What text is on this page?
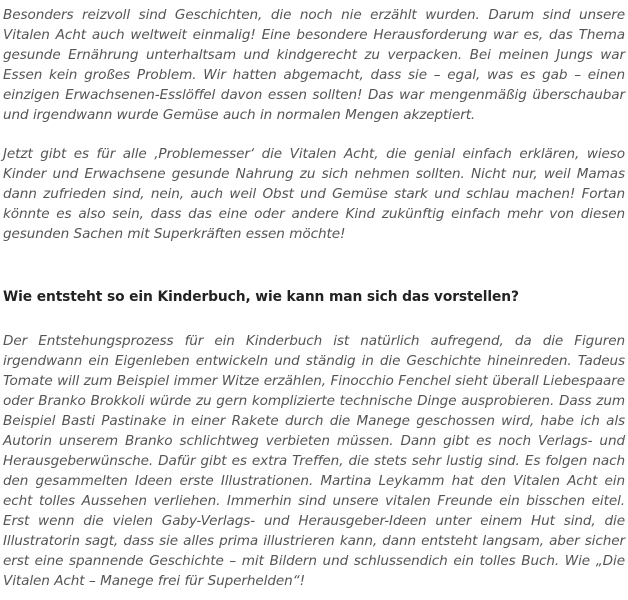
Besonders reizvoll sind Geschichten, die noch nie erzählt wurden. Darum sind unsere Vitalen Acht auch weltweit einmalig! Eine besondere Herausforderung war es, das Thema gesunde Ernährung unterhaltsam und kindgerecht zu verpacken. Bei meinen Jungs war Essen kein großes Problem. Wir hatten abgemacht, dass sie – egal, was es gab – einen einzigen Erwachsenen-Esslöffel davon essen sollten! Das war mengenmäßig überschaubar und irgendwann wurde Gemüse auch in normalen Mengen akzeptiert.

Jetzt gibt es für alle ‚Problemesser‘ die Vitalen Acht, die genial einfach erklären, wieso Kinder und Erwachsene gesunde Nahrung zu sich nehmen sollten. Nicht nur, weil Mamas dann zufrieden sind, nein, auch weil Obst und Gemüse stark und schlau machen! Fortan könnte es also sein, dass das eine oder andere Kind zukünftig einfach mehr von diesen gesunden Sachen mit Superkräften essen möchte!

Wie entsteht so ein Kinderbuch, wie kann man sich das vorstellen?

Der Entstehungsprozess für ein Kinderbuch ist natürlich aufregend, da die Figuren irgendwann ein Eigenleben entwickeln und ständig in die Geschichte hineinreden. Tadeus Tomate will zum Beispiel immer Witze erzählen, Finocchio Fenchel sieht überall Liebespaare oder Branko Brokkoli würde zu gern komplizierte technische Dinge ausprobieren. Dass zum Beispiel Basti Pastinake in einer Rakete durch die Manege geschossen wird, habe ich als Autorin unserem Branko schlichtweg verbieten müssen. Dann gibt es noch Verlags- und Herausgeberwünsche. Dafür gibt es extra Treffen, die stets sehr lustig sind. Es folgen nach den gesammelten Ideen erste Illustrationen. Martina Leykamm hat den Vitalen Acht ein echt tolles Aussehen verliehen. Immerhin sind unsere vitalen Freunde ein bisschen eitel. Erst wenn die vielen Gaby-Verlags- und Herausgeber-Ideen unter einem Hut sind, die Illustratorin sagt, dass sie alles prima illustrieren kann, dann entsteht langsam, aber sicher erst eine spannende Geschichte – mit Bildern und schlussendich ein tolles Buch. Wie „Die Vitalen Acht – Manege frei für Superhelden“!
